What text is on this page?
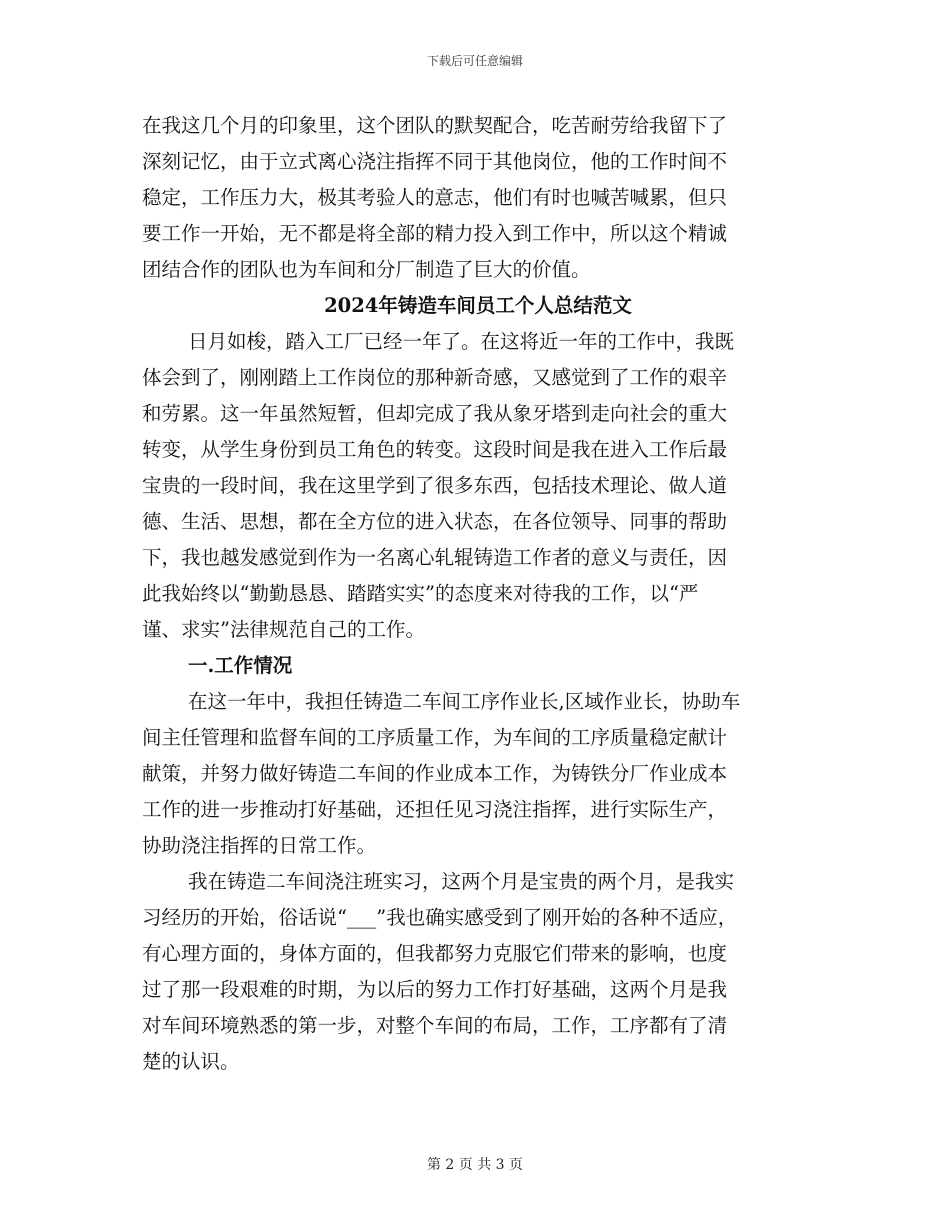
下载后可任意编辑
在我这几个月的印象里，这个团队的默契配合，吃苦耐劳给我留下了
深刻记忆，由于立式离心浇注指挥不同于其他岗位，他的工作时间不
稳定，工作压力大，极其考验人的意志，他们有时也喊苦喊累，但只
要工作一开始，无不都是将全部的精力投入到工作中，所以这个精诚
团结合作的团队也为车间和分厂制造了巨大的价值。
2024年铸造车间员工个人总结范文
日月如梭，踏入工厂已经一年了。在这将近一年的工作中，我既
体会到了，刚刚踏上工作岗位的那种新奇感，又感觉到了工作的艰辛
和劳累。这一年虽然短暂，但却完成了我从象牙塔到走向社会的重大
转变，从学生身份到员工角色的转变。这段时间是我在进入工作后最
宝贵的一段时间，我在这里学到了很多东西，包括技术理论、做人道
德、生活、思想，都在全方位的进入状态，在各位领导、同事的帮助
下，我也越发感觉到作为一名离心轧辊铸造工作者的意义与责任，因
此我始终以“勤勤恳恳、踏踏实实”的态度来对待我的工作，以“严
谨、求实”法律规范自己的工作。
一.工作情况
在这一年中，我担任铸造二车间工序作业长,区域作业长，协助车
间主任管理和监督车间的工序质量工作，为车间的工序质量稳定献计
献策，并努力做好铸造二车间的作业成本工作，为铸铁分厂作业成本
工作的进一步推动打好基础，还担任见习浇注指挥，进行实际生产，
协助浇注指挥的日常工作。
我在铸造二车间浇注班实习，这两个月是宝贵的两个月，是我实
习经历的开始，俗话说“___”我也确实感受到了刚开始的各种不适应，
有心理方面的，身体方面的，但我都努力克服它们带来的影响，也度
过了那一段艰难的时期，为以后的努力工作打好基础，这两个月是我
对车间环境熟悉的第一步，对整个车间的布局，工作，工序都有了清
楚的认识。
第 2 页 共 3 页
